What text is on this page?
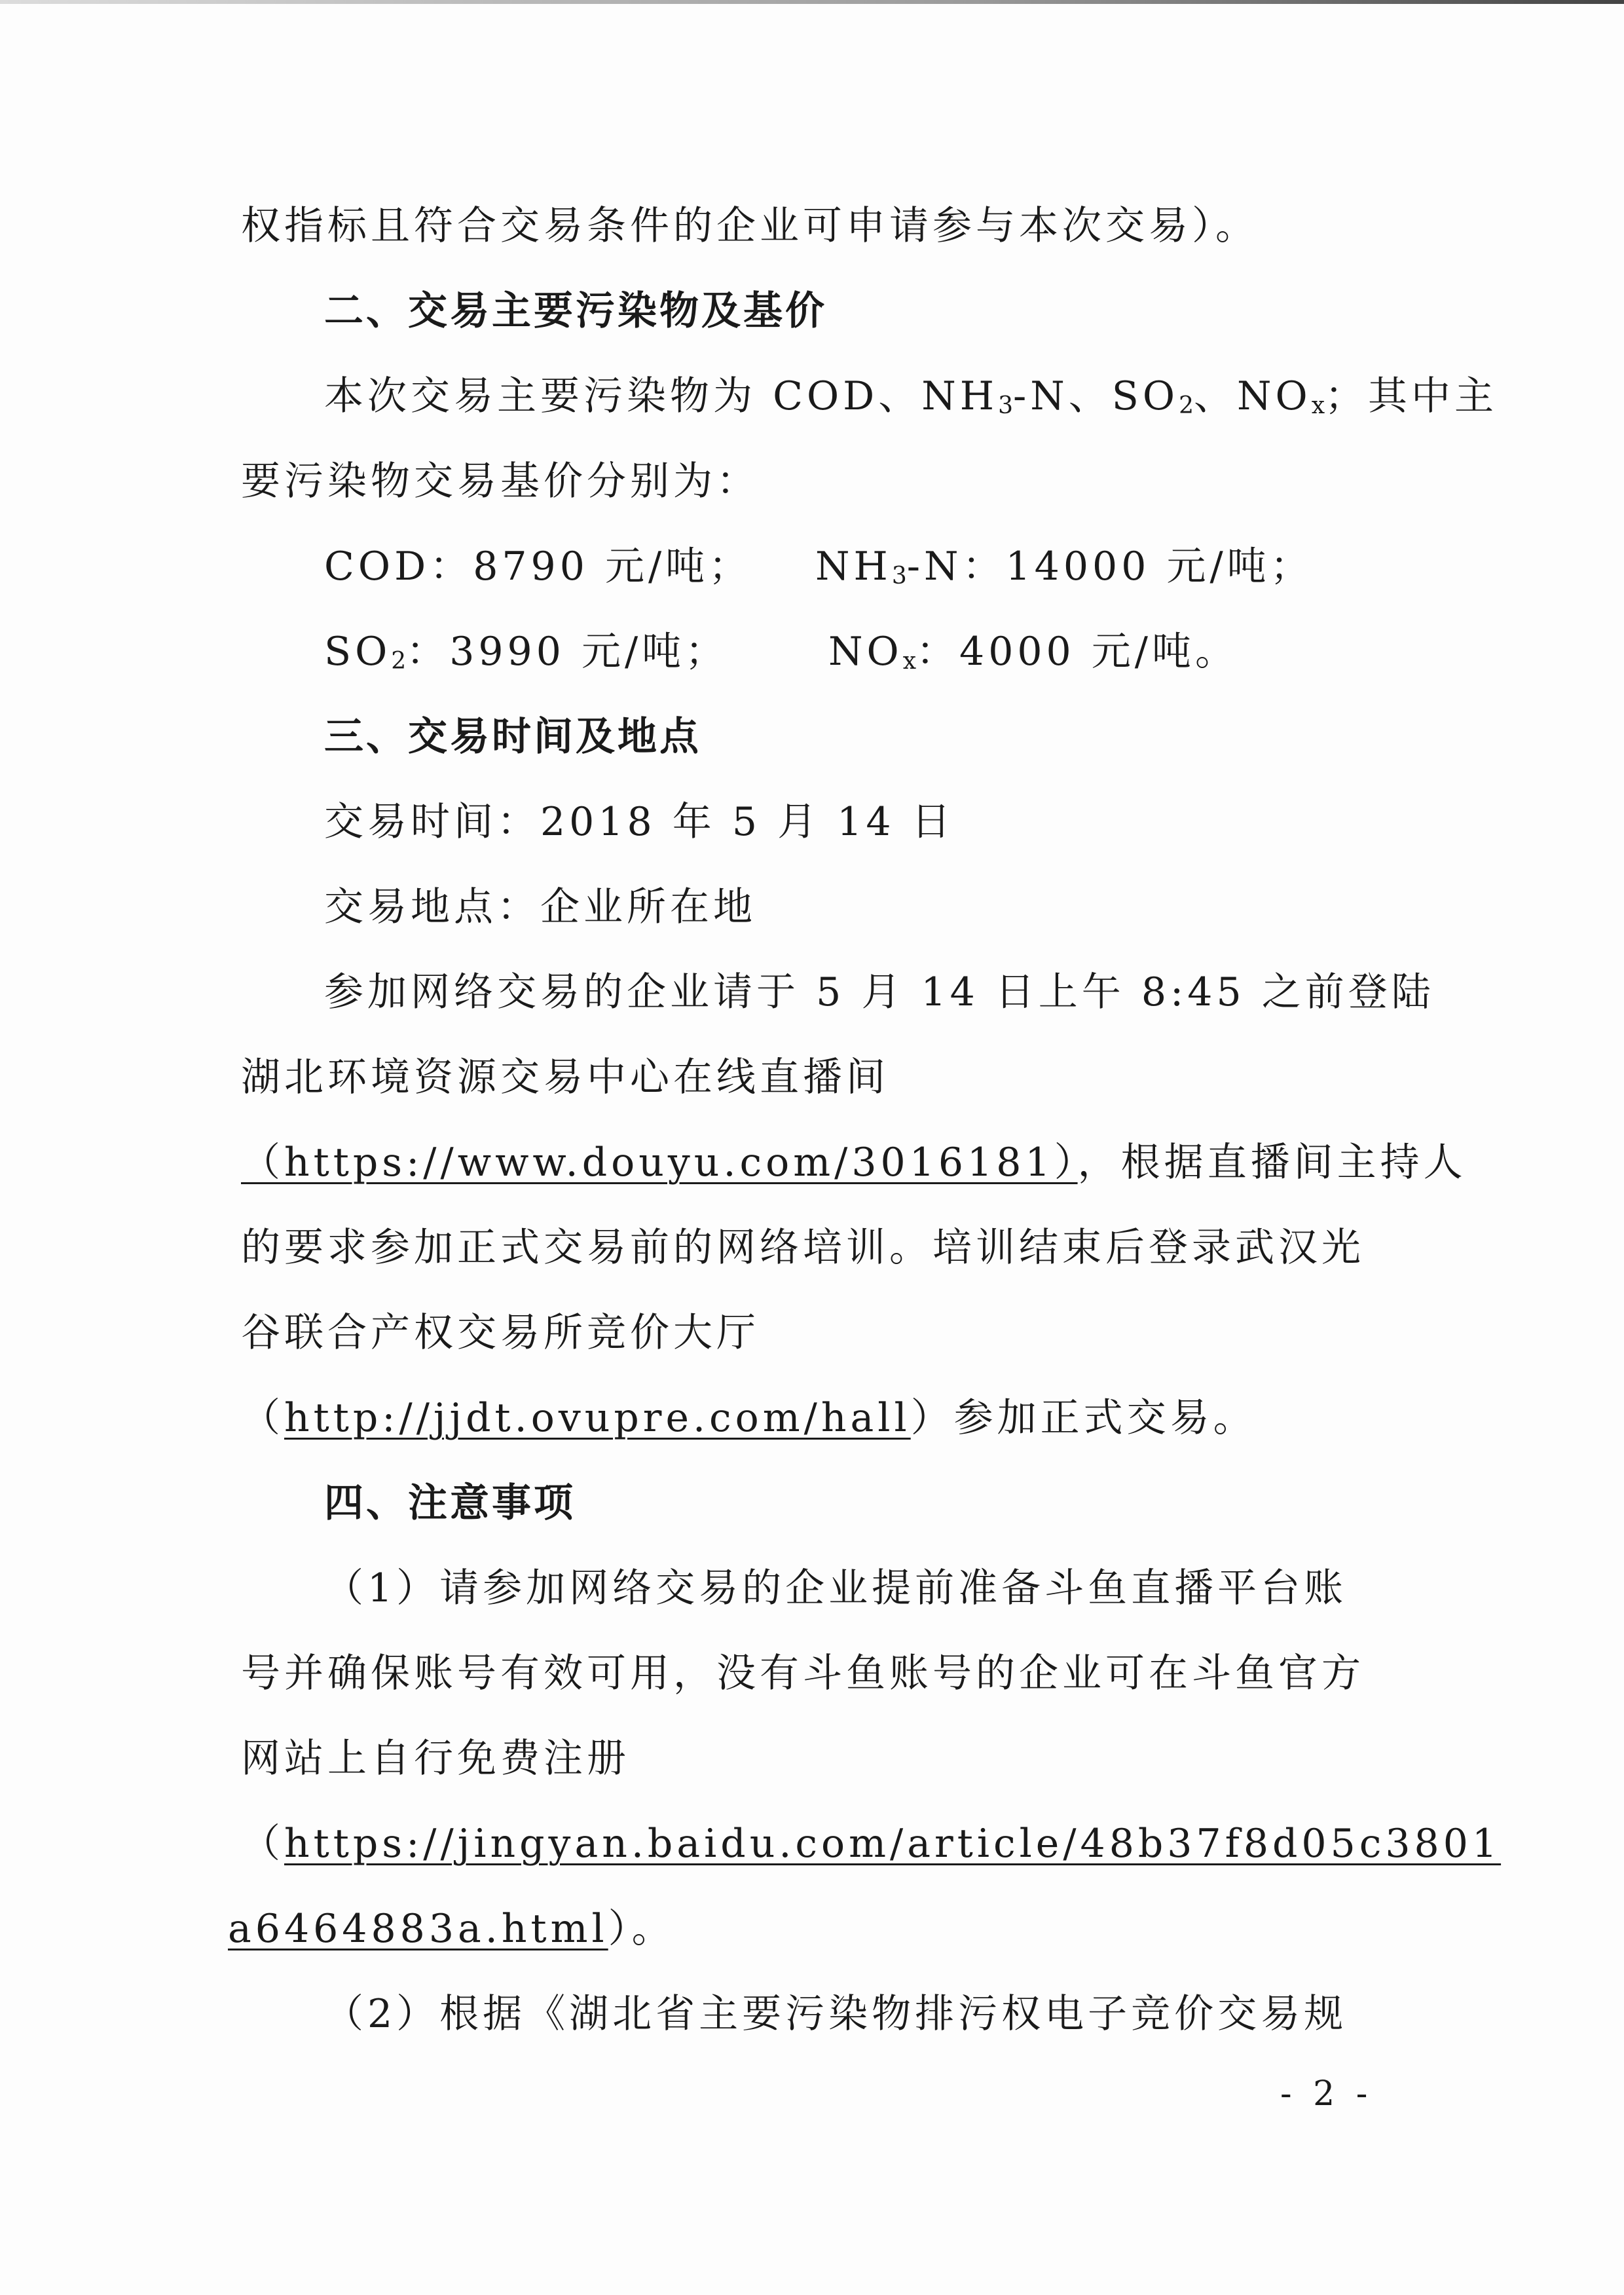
权指标且符合交易条件的企业可申请参与本次交易）。
二、交易主要污染物及基价
本次交易主要污染物为 COD、$NH_3-N$、$SO_2$、$NO_x$；其中主
要污染物交易基价分别为：
COD：8790 元/吨； $NH_3-N$：14000 元/吨；
$SO_2$：3990 元/吨；	$NO_x$：4000 元/吨。
三、交易时间及地点
交易时间：2018 年 5 月 14 日
交易地点：企业所在地
参加网络交易的企业请于 5 月 14 日上午 8:45 之前登陆
湖北环境资源交易中心在线直播间
（https://www.douyu.com/3016181），根据直播间主持人
的要求参加正式交易前的网络培训。培训结束后登录武汉光
谷联合产权交易所竞价大厅
（http://jjdt.ovupre.com/hall）参加正式交易。
四、注意事项
（1）请参加网络交易的企业提前准备斗鱼直播平台账
号并确保账号有效可用，没有斗鱼账号的企业可在斗鱼官方
网站上自行免费注册
（https://jingyan.baidu.com/article/48b37f8d05c3801
a6464883a.html）。
（2）根据《湖北省主要污染物排污权电子竞价交易规
- 2 -
